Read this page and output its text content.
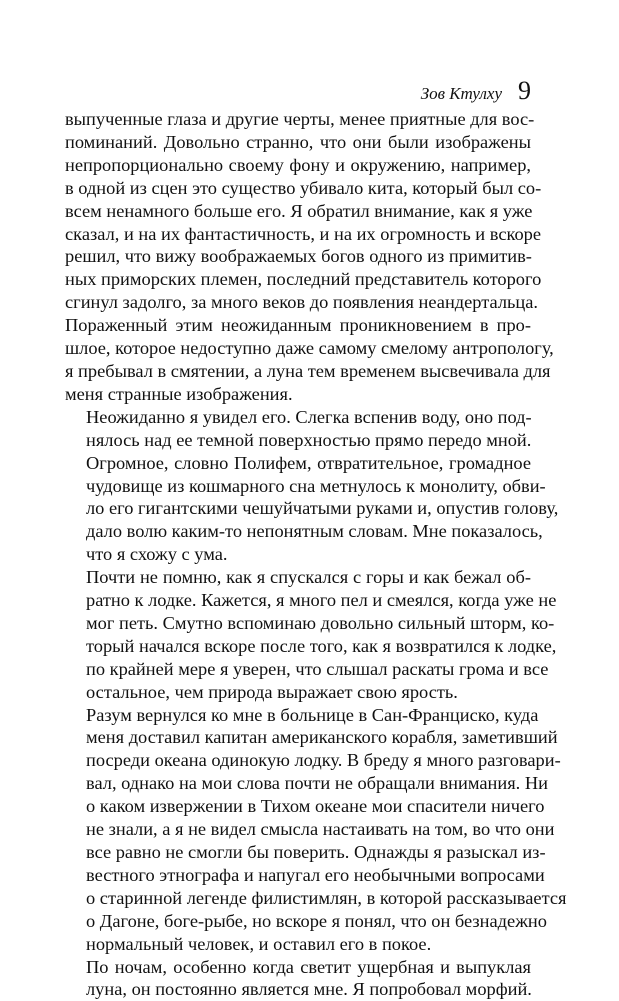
Зов Ктулху 9

выпученные глаза и другие черты, менее приятные для вос-
поминаний. Довольно странно, что они были изображены
непропорционально своему фону и окружению, например,
в одной из сцен это существо убивало кита, который был со-
всем ненамного больше его. Я обратил внимание, как я уже
сказал, и на их фантастичность, и на их огромность и вскоре
решил, что вижу воображаемых богов одного из примитив-
ных приморских племен, последний представитель которого
сгинул задолго, за много веков до появления неандертальца.
Пораженный этим неожиданным проникновением в про-
шлое, которое недоступно даже самому смелому антропологу,
я пребывал в смятении, а луна тем временем высвечивала для
меня странные изображения.

Неожиданно я увидел его. Слегка вспенив воду, оно под-
нялось над ее темной поверхностью прямо передо мной.
Огромное, словно Полифем, отвратительное, громадное
чудовище из кошмарного сна метнулось к монолиту, обви-
ло его гигантскими чешуйчатыми руками и, опустив голову,
дало волю каким-то непонятным словам. Мне показалось,
что я схожу с ума.

Почти не помню, как я спускался с горы и как бежал об-
ратно к лодке. Кажется, я много пел и смеялся, когда уже не
мог петь. Смутно вспоминаю довольно сильный шторм, ко-
торый начался вскоре после того, как я возвратился к лодке,
по крайней мере я уверен, что слышал раскаты грома и все
остальное, чем природа выражает свою ярость.

Разум вернулся ко мне в больнице в Сан-Франциско, куда
меня доставил капитан американского корабля, заметивший
посреди океана одинокую лодку. В бреду я много разговари-
вал, однако на мои слова почти не обращали внимания. Ни
о каком извержении в Тихом океане мои спасители ничего
не знали, а я не видел смысла настаивать на том, во что они
все равно не смогли бы поверить. Однажды я разыскал из-
вестного этнографа и напугал его необычными вопросами
о старинной легенде филистимлян, в которой рассказывается
о Дагоне, боге-рыбе, но вскоре я понял, что он безнадежно
нормальный человек, и оставил его в покое.

По ночам, особенно когда светит ущербная и выпуклая
луна, он постоянно является мне. Я попробовал морфий.
